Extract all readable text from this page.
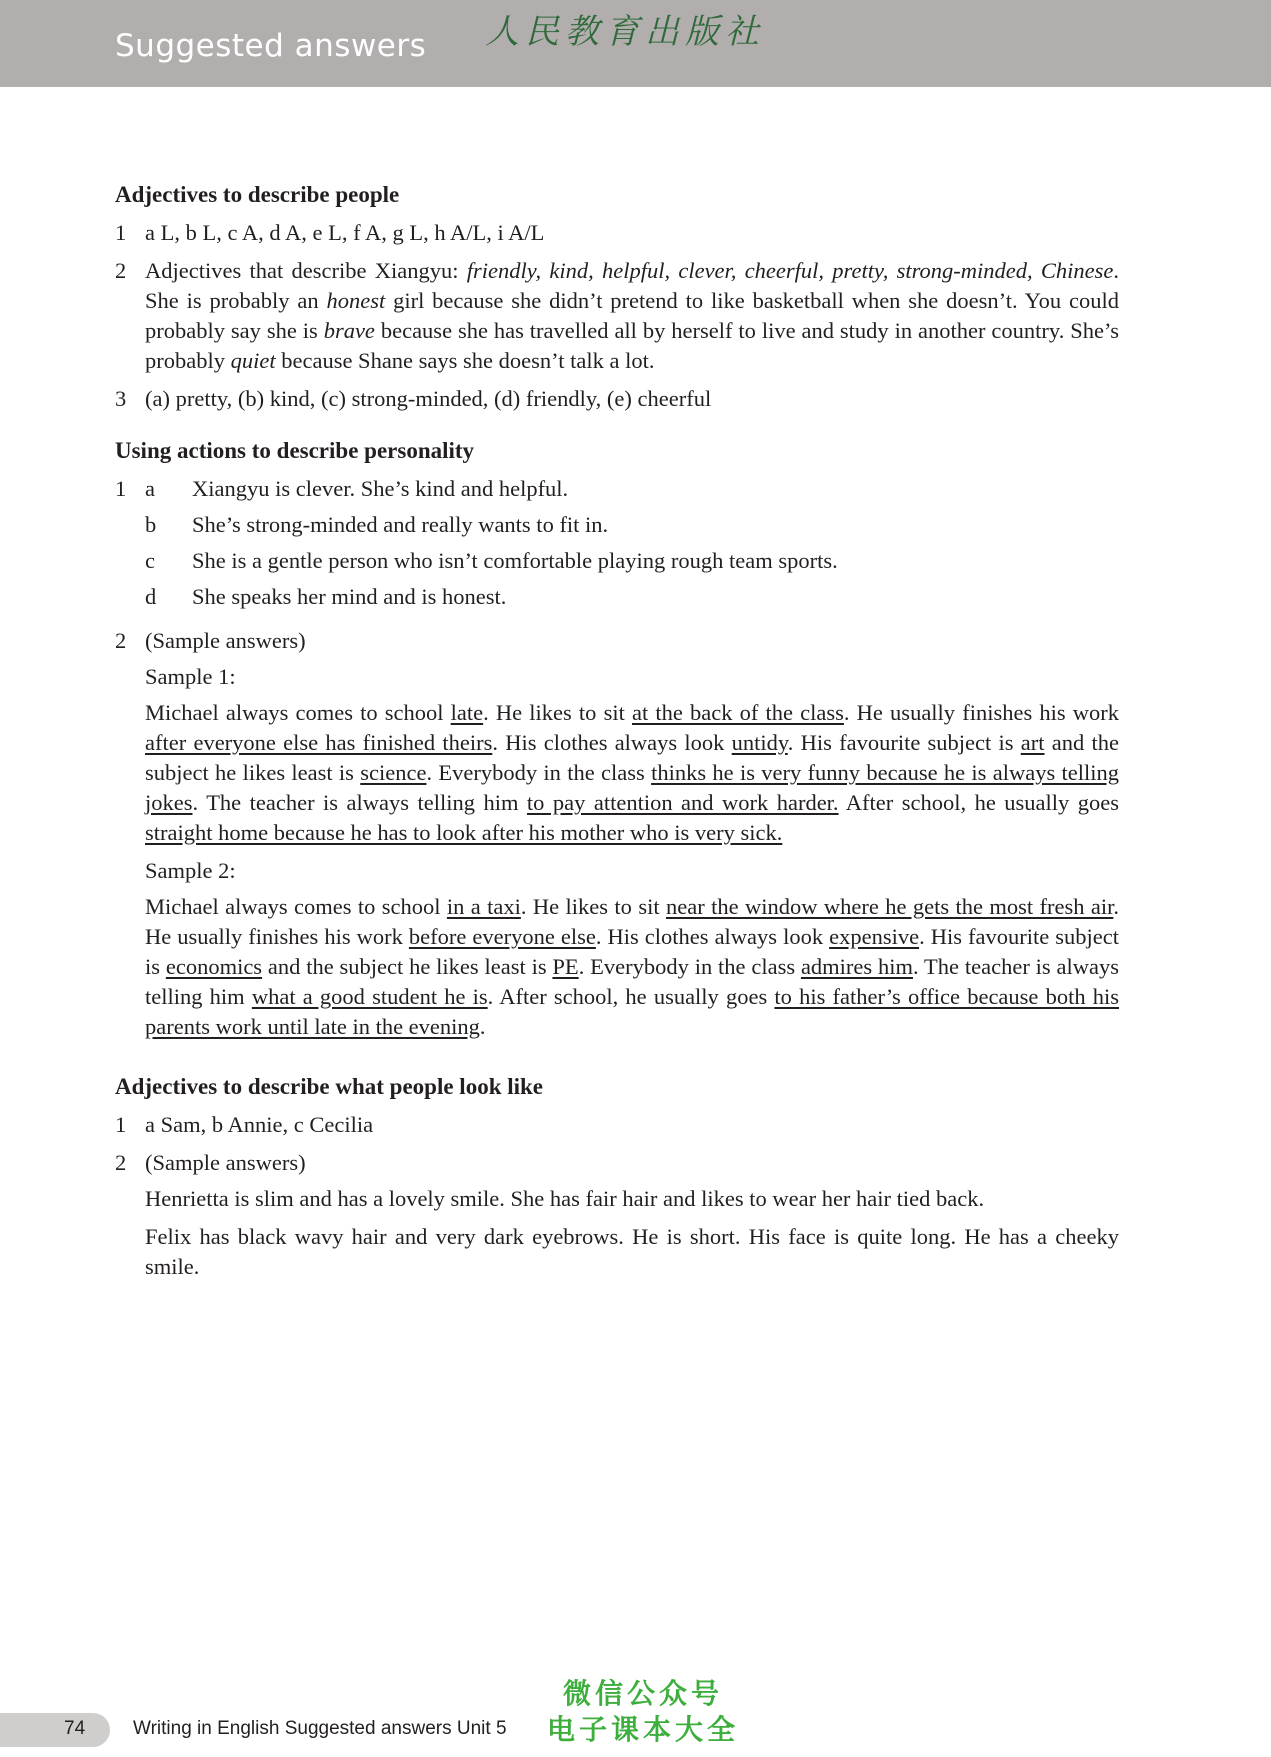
Suggested answers 人民教育出版社
Adjectives to describe people
1 a L, b L, c A, d A, e L, f A, g L, h A/L, i A/L
2 Adjectives that describe Xiangyu: friendly, kind, helpful, clever, cheerful, pretty, strong-minded, Chinese. She is probably an honest girl because she didn’t pretend to like basketball when she doesn’t. You could probably say she is brave because she has travelled all by herself to live and study in another country. She’s probably quiet because Shane says she doesn’t talk a lot.
3 (a) pretty, (b) kind, (c) strong-minded, (d) friendly, (e) cheerful
Using actions to describe personality
1 a	Xiangyu is clever. She’s kind and helpful.
b	She’s strong-minded and really wants to fit in.
c	She is a gentle person who isn’t comfortable playing rough team sports.
d	She speaks her mind and is honest.
2 (Sample answers)
Sample 1:

Michael always comes to school late. He likes to sit at the back of the class. He usually finishes his work after everyone else has finished theirs. His clothes always look untidy. His favourite subject is art and the subject he likes least is science. Everybody in the class thinks he is very funny because he is always telling jokes. The teacher is always telling him to pay attention and work harder. After school, he usually goes straight home because he has to look after his mother who is very sick.

Sample 2:

Michael always comes to school in a taxi. He likes to sit near the window where he gets the most fresh air. He usually finishes his work before everyone else. His clothes always look expensive. His favourite subject is economics and the subject he likes least is PE. Everybody in the class admires him. The teacher is always telling him what a good student he is. After school, he usually goes to his father’s office because both his parents work until late in the evening.

Adjectives to describe what people look like
1 a Sam, b Annie, c Cecilia
2 (Sample answers)

Henrietta is slim and has a lovely smile. She has fair hair and likes to wear her hair tied back.

Felix has black wavy hair and very dark eyebrows. He is short. His face is quite long. He has a cheeky smile.

74	Writing in English Suggested answers Unit 5
微信公众号
电子课本大全
